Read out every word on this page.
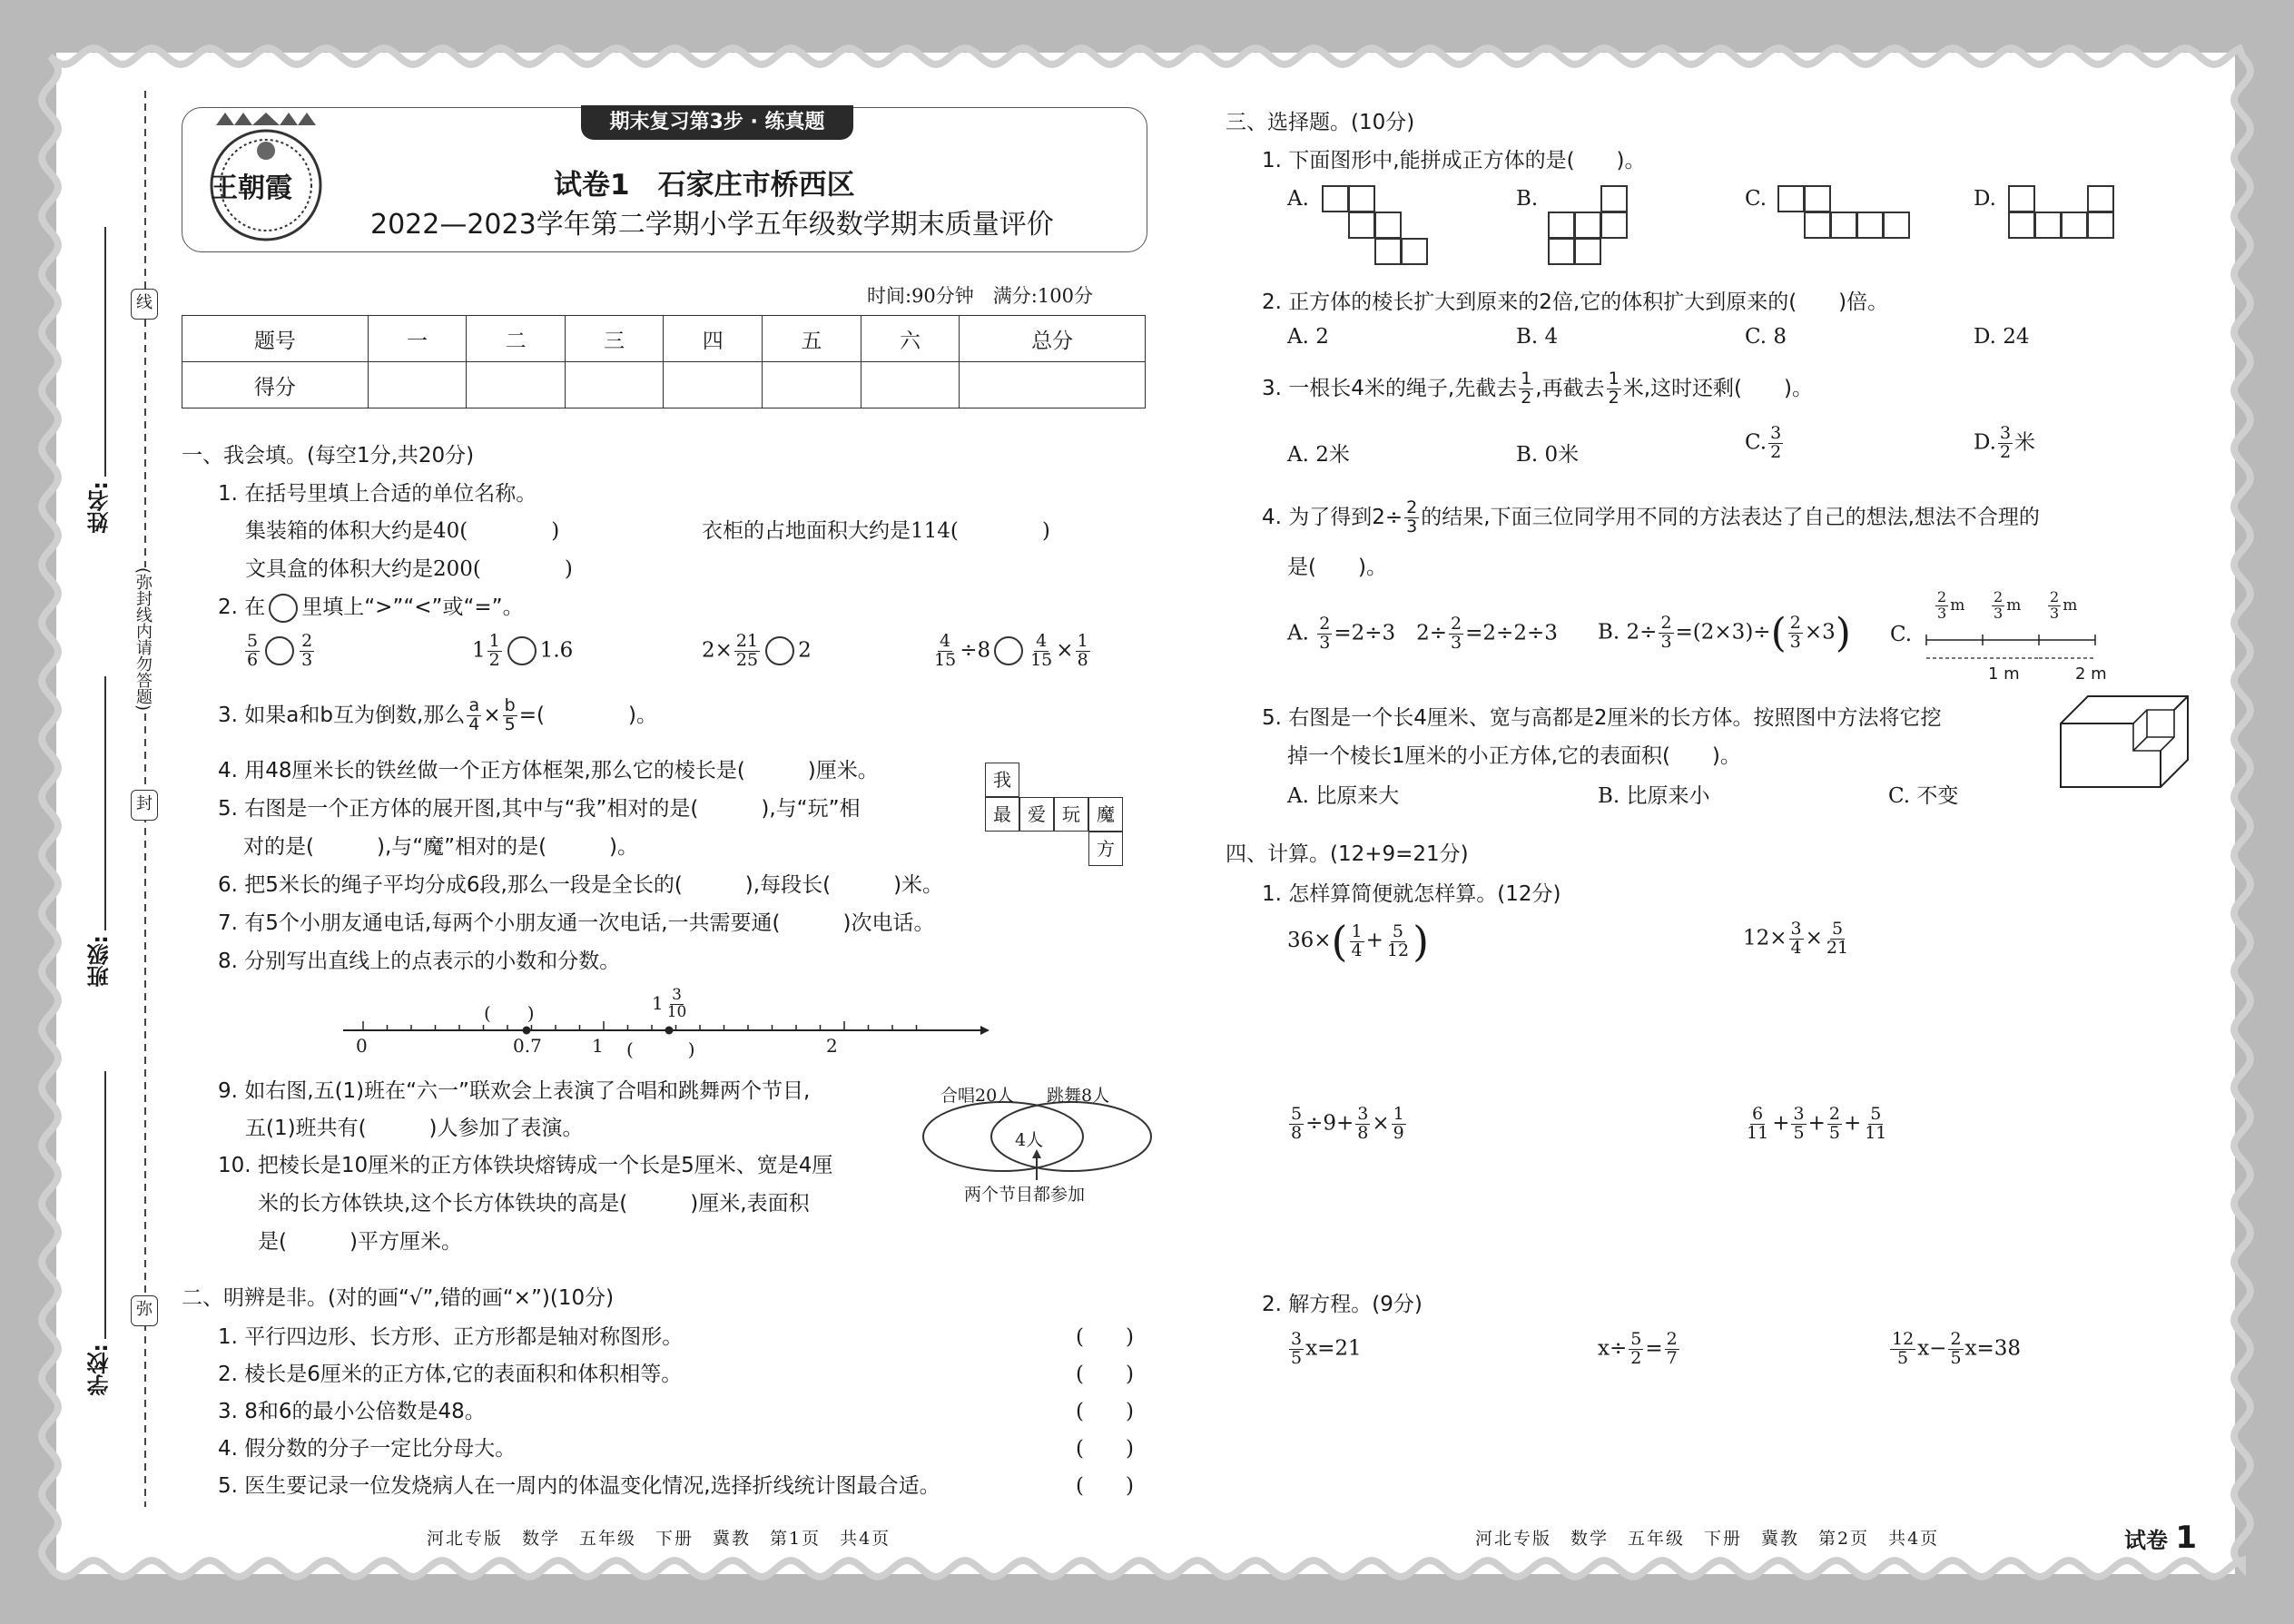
线
封
弥
(弥封线内请勿答题)
姓名:
班级:
学校:
期末复习第3步 · 练真题
王朝霞	试卷1　石家庄市桥西区
2022—2023学年第二学期小学五年级数学期末质量评价
时间:90分钟　满分:100分
题号	一	二	三	四	五	六	总分
得分							
一、我会填。(每空1分,共20分)
1. 在括号里填上合适的单位名称。
集装箱的体积大约是40(　　　　)	衣柜的占地面积大约是114(　　　　)
文具盒的体积大约是200(　　　　)
2. 在 里填上“>”“<”或“=”。
$\frac{5}{6} \frac{2}{3}$	$1 \frac{1}{2} 1.6$	$2\times \frac{21}{25} 2$	$\frac{4}{15} \div 8 \frac{4}{15} \times \frac{1}{8}$
3. 如果a和b互为倒数,那么 $\frac{a}{4} \times \frac{b}{5}$ =(　　　　)。
4. 用48厘米长的铁丝做一个正方体框架,那么它的棱长是(　　　)厘米。
5. 右图是一个正方体的展开图,其中与“我”相对的是(　　　),与“玩”相
对的是(　　　),与“魔”相对的是(　　　)。
我
最 爱 玩 魔
方
6. 把5米长的绳子平均分成6段,那么一段是全长的(　　　),每段长(　　　)米。
7. 有5个小朋友通电话,每两个小朋友通一次电话,一共需要通(　　　)次电话。
8. 分别写出直线上的点表示的小数和分数。
0	0.7	1	2
(　　)
(　　　)
$1 \frac{3}{10}$
9. 如右图,五(1)班在“六一”联欢会上表演了合唱和跳舞两个节目,
五(1)班共有(　　　)人参加了表演。
合唱20人 跳舞8人
4人
两个节目都参加
10. 把棱长是10厘米的正方体铁块熔铸成一个长是5厘米、宽是4厘
米的长方体铁块,这个长方体铁块的高是(　　　)厘米,表面积
是(　　　)平方厘米。
二、明辨是非。(对的画“√”,错的画“×”)(10分)
1. 平行四边形、长方形、正方形都是轴对称图形。	(　　)
2. 棱长是6厘米的正方体,它的表面积和体积相等。	(　　)
3. 8和6的最小公倍数是48。	(　　)
4. 假分数的分子一定比分母大。	(　　)
5. 医生要记录一位发烧病人在一周内的体温变化情况,选择折线统计图最合适。	(　　)
河北专版　数学　五年级　下册　冀教　第1页　共4页	河北专版　数学　五年级　下册　冀教　第2页　共4页	试卷 1
三、选择题。(10分)
1. 下面图形中,能拼成正方体的是(　　)。
A.	B.	C.	D.
2. 正方体的棱长扩大到原来的2倍,它的体积扩大到原来的(　　)倍。
A. 2	B. 4	C. 8	D. 24
3. 一根长4米的绳子,先截去 $\frac{1}{2}$ ,再截去 $\frac{1}{2}$ 米,这时还剩(　　)。
A. 2米	B. 0米
C. $\frac{3}{2}$	D. $\frac{3}{2}$ 米
4. 为了得到$2\div \frac{2}{3}$ 的结果,下面三位同学用不同的方法表达了自己的想法,想法不合理的
是(　　)。
A. $\frac{2}{3} =2\div 3$　 $2\div \frac{2}{3} =2\div 2\div 3$ B. $2\div \frac{2}{3} =(2\times 3)\div( \frac{2}{3} \times 3)$ C.
$\frac{2}{3}$ m $\frac{2}{3}$ m $\frac{2}{3}$ m
1 m	2 m
5. 右图是一个长4厘米、宽与高都是2厘米的长方体。按照图中方法将它挖
掉一个棱长1厘米的小正方体,它的表面积(　　)。
A. 比原来大	B. 比原来小	C. 不变
四、计算。(12+9=21分)
1. 怎样算简便就怎样算。(12分)
$36\times( \frac{1}{4} + \frac{5}{12}$ )	$12\times \frac{3}{4} \times \frac{5}{21}$
$\frac{5}{8} \div 9+ \frac{3}{8} \times \frac{1}{9}$	$\frac{6}{11} + \frac{3}{5} + \frac{2}{5} + \frac{5}{11}$
2. 解方程。(9分)
$\frac{3}{5} x=21$	$x\div \frac{5}{2} = \frac{2}{7}$	$\frac{12}{5} x- \frac{2}{5} x=38$
